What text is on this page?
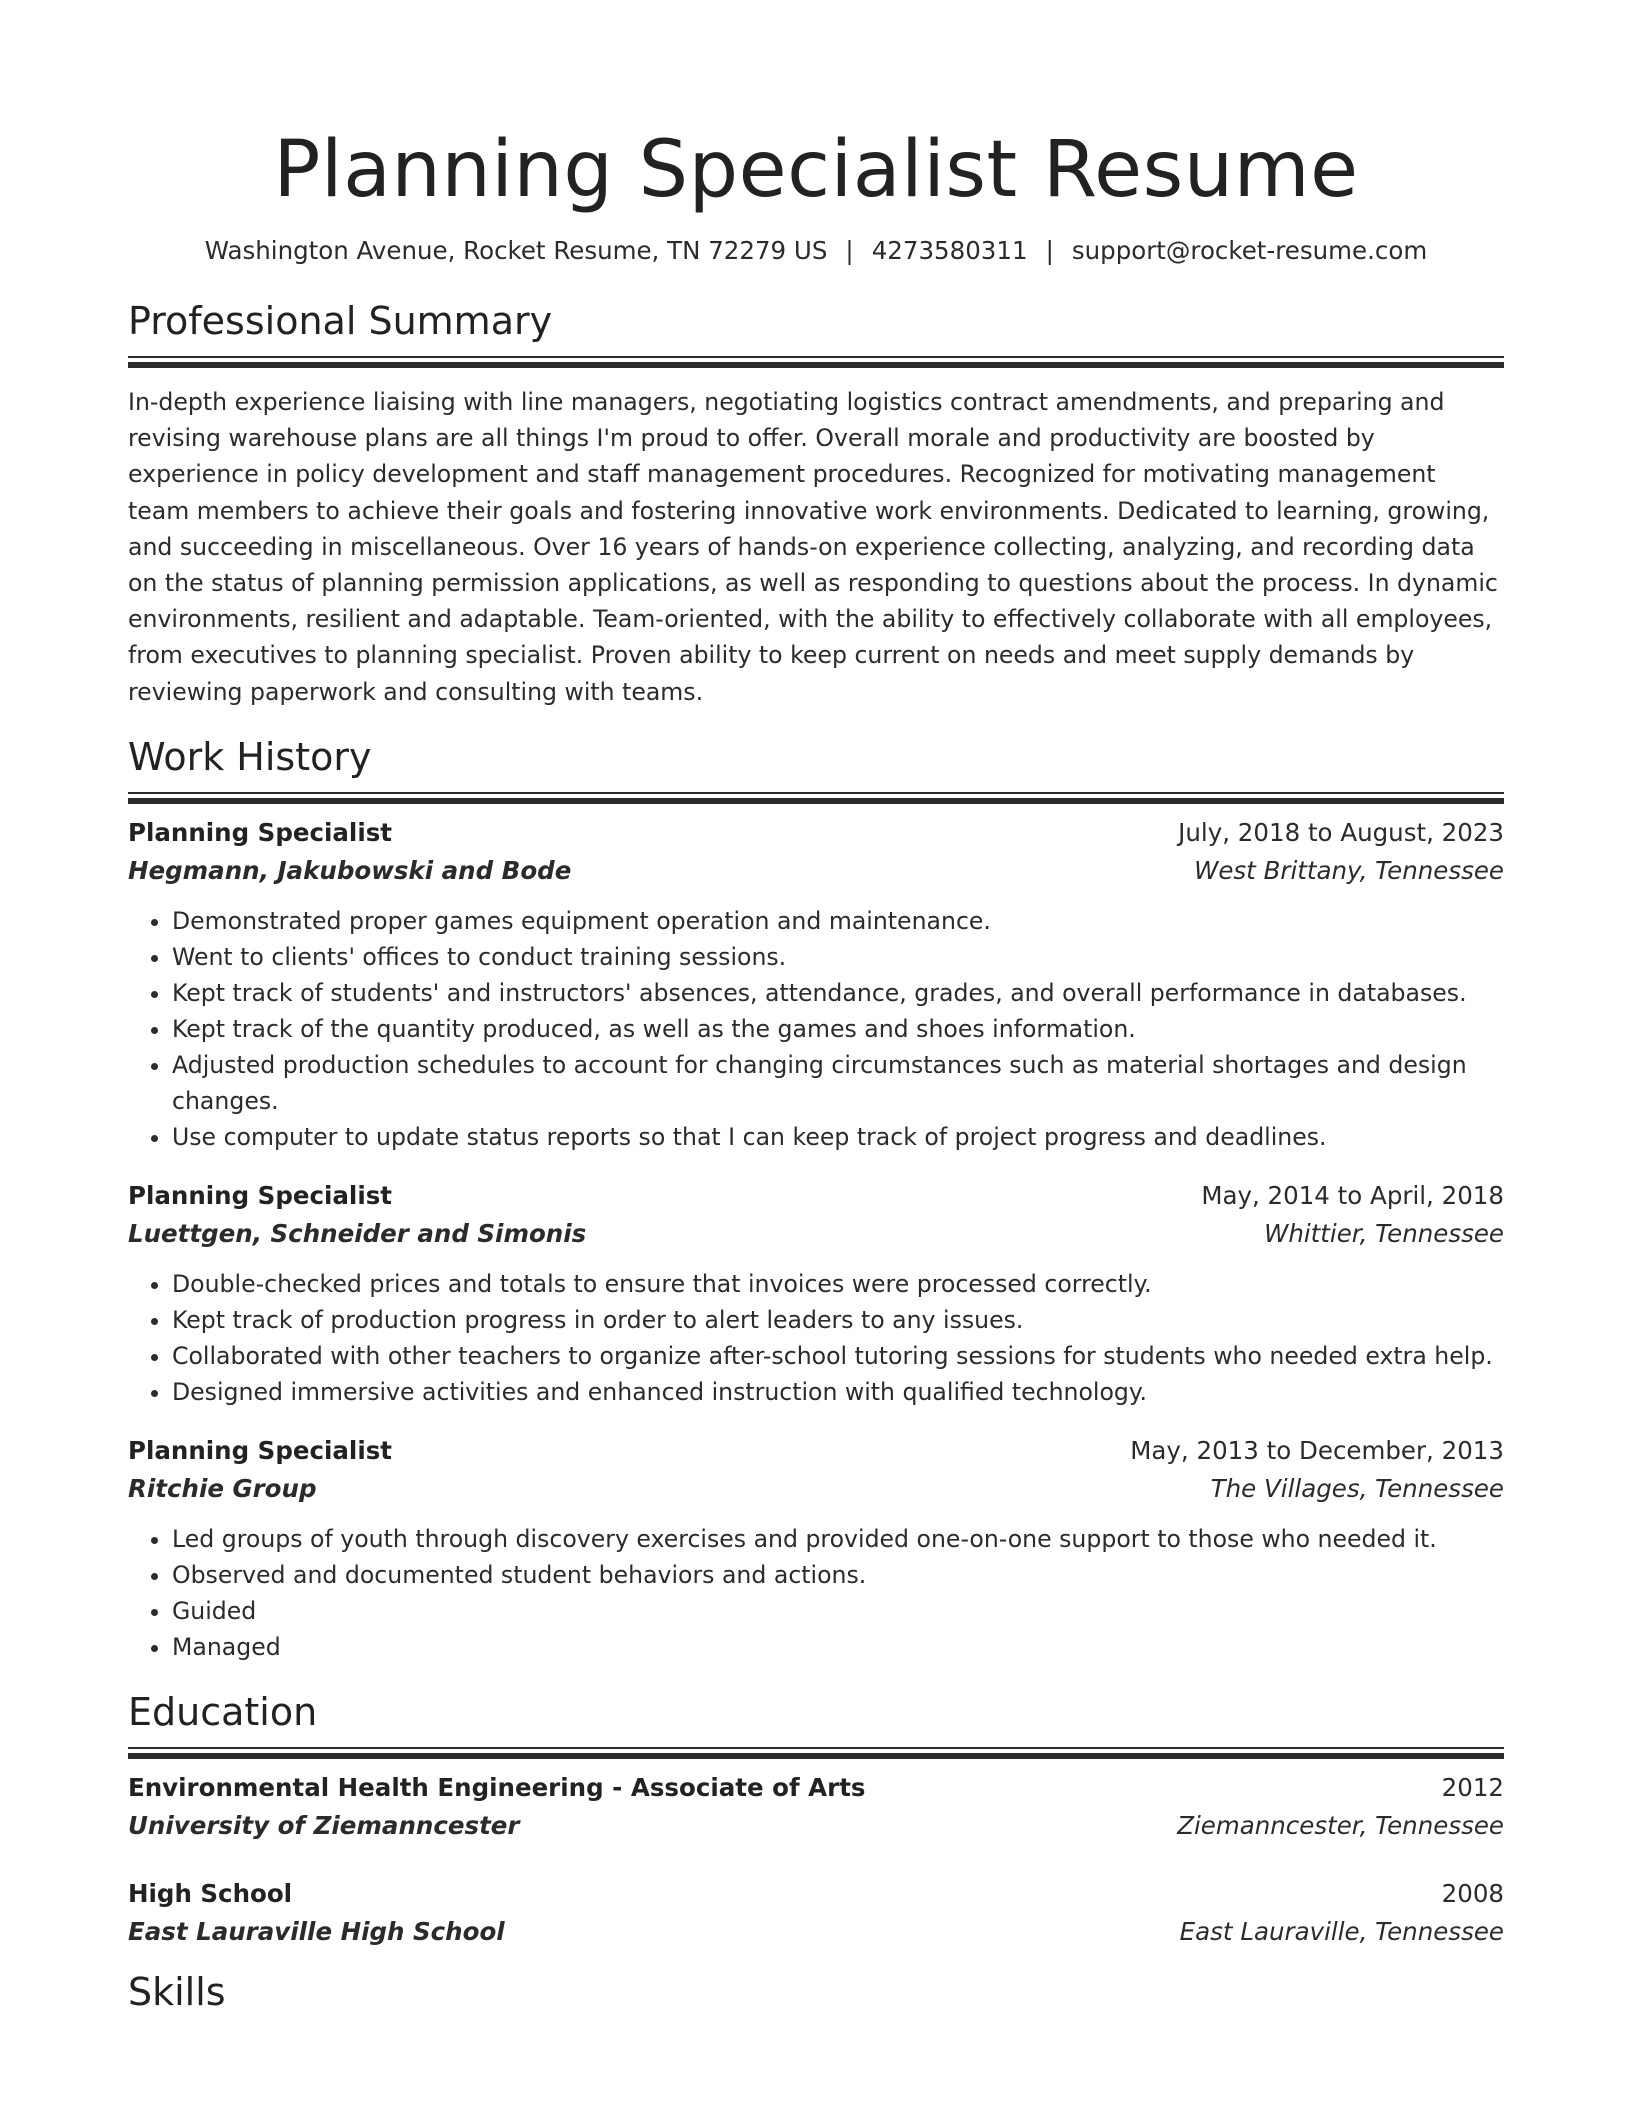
Planning Specialist Resume
Washington Avenue, Rocket Resume, TN 72279 US | 4273580311 | support@rocket-resume.com
Professional Summary

In-depth experience liaising with line managers, negotiating logistics contract amendments, and preparing and revising warehouse plans are all things I'm proud to offer. Overall morale and productivity are boosted by experience in policy development and staff management procedures. Recognized for motivating management team members to achieve their goals and fostering innovative work environments. Dedicated to learning, growing, and succeeding in miscellaneous. Over 16 years of hands-on experience collecting, analyzing, and recording data on the status of planning permission applications, as well as responding to questions about the process. In dynamic environments, resilient and adaptable. Team-oriented, with the ability to effectively collaborate with all employees, from executives to planning specialist. Proven ability to keep current on needs and meet supply demands by reviewing paperwork and consulting with teams.

Work History
Planning Specialist	July, 2018 to August, 2023
Hegmann, Jakubowski and Bode	West Brittany, Tennessee
• Demonstrated proper games equipment operation and maintenance.
• Went to clients' offices to conduct training sessions.
• Kept track of students' and instructors' absences, attendance, grades, and overall performance in databases.
• Kept track of the quantity produced, as well as the games and shoes information.
• Adjusted production schedules to account for changing circumstances such as material shortages and design changes.
• Use computer to update status reports so that I can keep track of project progress and deadlines.
Planning Specialist	May, 2014 to April, 2018
Luettgen, Schneider and Simonis	Whittier, Tennessee
• Double-checked prices and totals to ensure that invoices were processed correctly.
• Kept track of production progress in order to alert leaders to any issues.
• Collaborated with other teachers to organize after-school tutoring sessions for students who needed extra help.
• Designed immersive activities and enhanced instruction with qualified technology.
Planning Specialist	May, 2013 to December, 2013
Ritchie Group	The Villages, Tennessee
• Led groups of youth through discovery exercises and provided one-on-one support to those who needed it.
• Observed and documented student behaviors and actions.
• Guided
• Managed
Education
Environmental Health Engineering - Associate of Arts	2012
University of Ziemanncester	Ziemanncester, Tennessee
High School	2008
East Lauraville High School	East Lauraville, Tennessee
Skills
